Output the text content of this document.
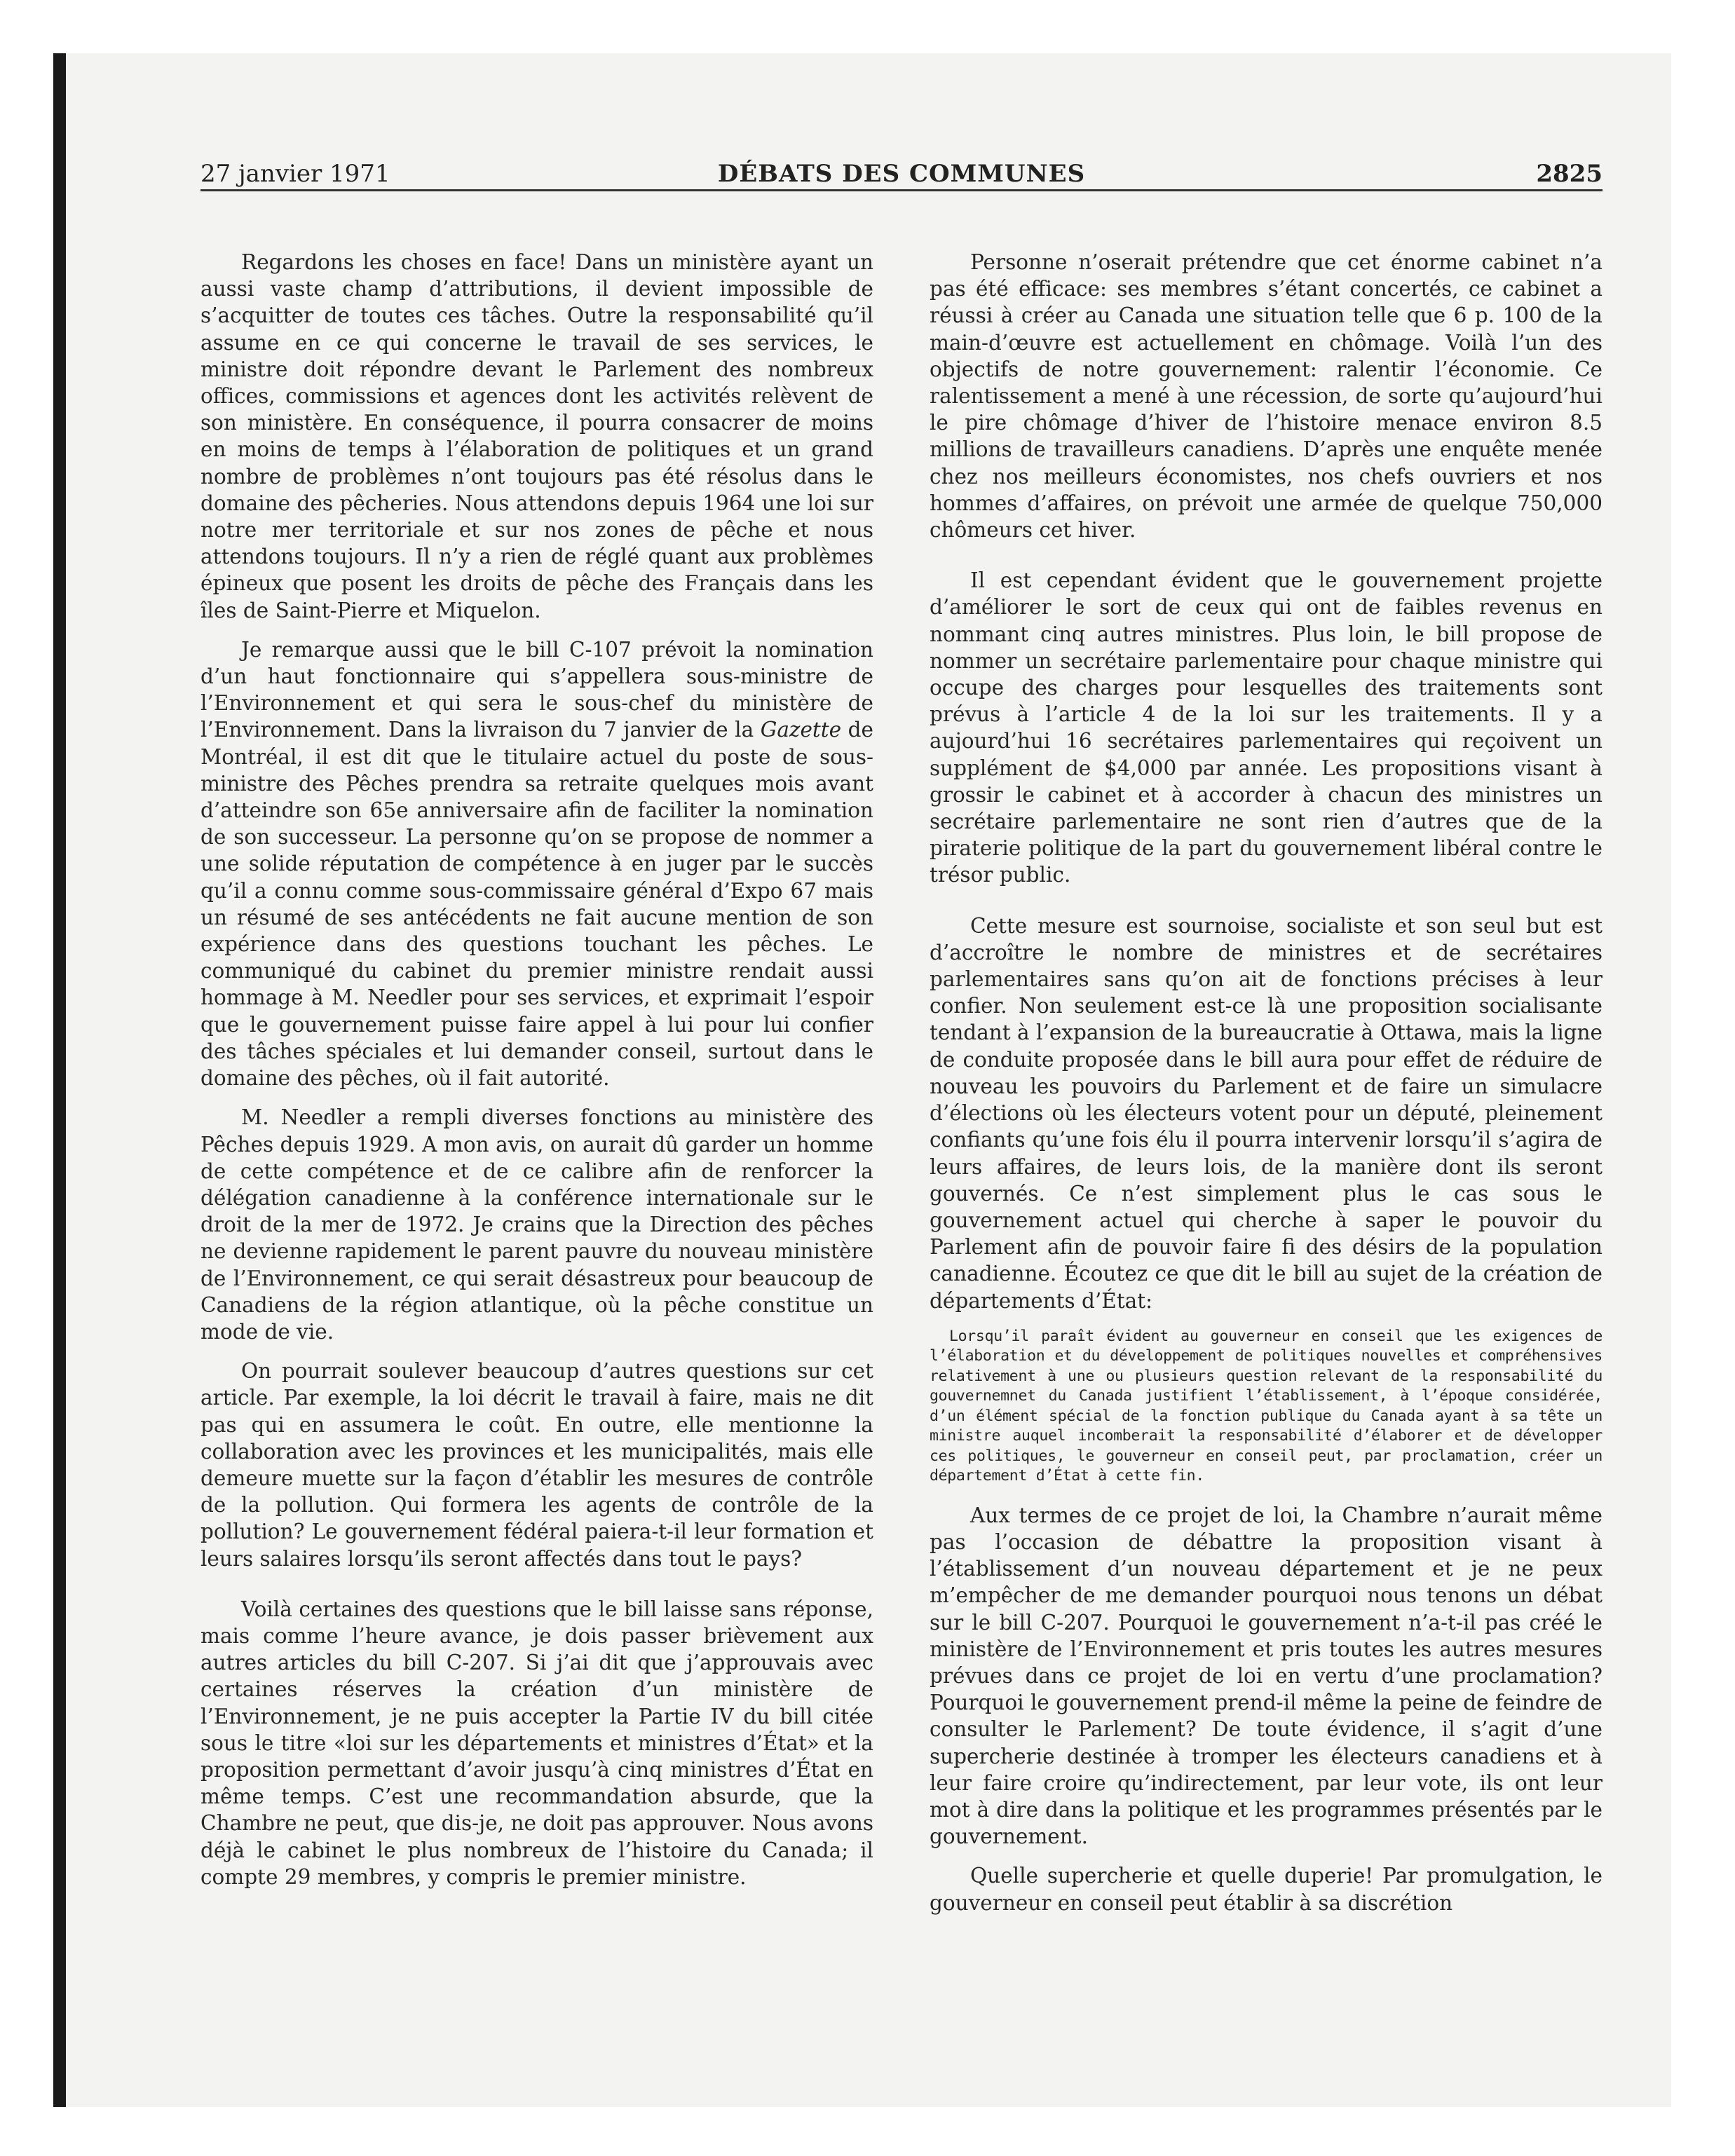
27 janvier 1971	DÉBATS DES COMMUNES	2825

Regardons les choses en face! Dans un ministère ayant un aussi vaste champ d’attributions, il devient impossible de s’acquitter de toutes ces tâches. Outre la responsabilité qu’il assume en ce qui concerne le travail de ses services, le ministre doit répondre devant le Parlement des nombreux offices, commissions et agences dont les activités relèvent de son ministère. En conséquence, il pourra consacrer de moins en moins de temps à l’élaboration de politiques et un grand nombre de problèmes n’ont toujours pas été résolus dans le domaine des pêcheries. Nous attendons depuis 1964 une loi sur notre mer territoriale et sur nos zones de pêche et nous attendons toujours. Il n’y a rien de réglé quant aux problèmes épineux que posent les droits de pêche des Français dans les îles de Saint-Pierre et Miquelon.

Je remarque aussi que le bill C-107 prévoit la nomination d’un haut fonctionnaire qui s’appellera sous-ministre de l’Environnement et qui sera le sous-chef du ministère de l’Environnement. Dans la livraison du 7 janvier de la Gazette de Montréal, il est dit que le titulaire actuel du poste de sous-ministre des Pêches prendra sa retraite quelques mois avant d’atteindre son 65e anniversaire afin de faciliter la nomination de son successeur. La personne qu’on se propose de nommer a une solide réputation de compétence à en juger par le succès qu’il a connu comme sous-commissaire général d’Expo 67 mais un résumé de ses antécédents ne fait aucune mention de son expérience dans des questions touchant les pêches. Le communiqué du cabinet du premier ministre rendait aussi hommage à M. Needler pour ses services, et exprimait l’espoir que le gouvernement puisse faire appel à lui pour lui confier des tâches spéciales et lui demander conseil, surtout dans le domaine des pêches, où il fait autorité.

M. Needler a rempli diverses fonctions au ministère des Pêches depuis 1929. A mon avis, on aurait dû garder un homme de cette compétence et de ce calibre afin de renforcer la délégation canadienne à la conférence internationale sur le droit de la mer de 1972. Je crains que la Direction des pêches ne devienne rapidement le parent pauvre du nouveau ministère de l’Environnement, ce qui serait désastreux pour beaucoup de Canadiens de la région atlantique, où la pêche constitue un mode de vie.

On pourrait soulever beaucoup d’autres questions sur cet article. Par exemple, la loi décrit le travail à faire, mais ne dit pas qui en assumera le coût. En outre, elle mentionne la collaboration avec les provinces et les municipalités, mais elle demeure muette sur la façon d’établir les mesures de contrôle de la pollution. Qui formera les agents de contrôle de la pollution? Le gouvernement fédéral paiera-t-il leur formation et leurs salaires lorsqu’ils seront affectés dans tout le pays?

Voilà certaines des questions que le bill laisse sans réponse, mais comme l’heure avance, je dois passer brièvement aux autres articles du bill C-207. Si j’ai dit que j’approuvais avec certaines réserves la création d’un ministère de l’Environnement, je ne puis accepter la Partie IV du bill citée sous le titre «loi sur les départements et ministres d’État» et la proposition permettant d’avoir jusqu’à cinq ministres d’État en même temps. C’est une recommandation absurde, que la Chambre ne peut, que dis-je, ne doit pas approuver. Nous avons déjà le cabinet le plus nombreux de l’histoire du Canada; il compte 29 membres, y compris le premier ministre.

Personne n’oserait prétendre que cet énorme cabinet n’a pas été efficace: ses membres s’étant concertés, ce cabinet a réussi à créer au Canada une situation telle que 6 p. 100 de la main-d’œuvre est actuellement en chômage. Voilà l’un des objectifs de notre gouvernement: ralentir l’économie. Ce ralentissement a mené à une récession, de sorte qu’aujourd’hui le pire chômage d’hiver de l’histoire menace environ 8.5 millions de travailleurs canadiens. D’après une enquête menée chez nos meilleurs économistes, nos chefs ouvriers et nos hommes d’affaires, on prévoit une armée de quelque 750,000 chômeurs cet hiver.

Il est cependant évident que le gouvernement projette d’améliorer le sort de ceux qui ont de faibles revenus en nommant cinq autres ministres. Plus loin, le bill propose de nommer un secrétaire parlementaire pour chaque ministre qui occupe des charges pour lesquelles des traitements sont prévus à l’article 4 de la loi sur les traitements. Il y a aujourd’hui 16 secrétaires parlementaires qui reçoivent un supplément de $4,000 par année. Les propositions visant à grossir le cabinet et à accorder à chacun des ministres un secrétaire parlementaire ne sont rien d’autres que de la piraterie politique de la part du gouvernement libéral contre le trésor public.

Cette mesure est sournoise, socialiste et son seul but est d’accroître le nombre de ministres et de secrétaires parlementaires sans qu’on ait de fonctions précises à leur confier. Non seulement est-ce là une proposition socialisante tendant à l’expansion de la bureaucratie à Ottawa, mais la ligne de conduite proposée dans le bill aura pour effet de réduire de nouveau les pouvoirs du Parlement et de faire un simulacre d’élections où les électeurs votent pour un député, pleinement confiants qu’une fois élu il pourra intervenir lorsqu’il s’agira de leurs affaires, de leurs lois, de la manière dont ils seront gouvernés. Ce n’est simplement plus le cas sous le gouvernement actuel qui cherche à saper le pouvoir du Parlement afin de pouvoir faire fi des désirs de la population canadienne. Écoutez ce que dit le bill au sujet de la création de départements d’État:

Lorsqu’il paraît évident au gouverneur en conseil que les exigences de l’élaboration et du développement de politiques nouvelles et compréhensives relativement à une ou plusieurs question relevant de la responsabilité du gouvernemnet du Canada justifient l’établissement, à l’époque considérée, d’un élément spécial de la fonction publique du Canada ayant à sa tête un ministre auquel incomberait la responsabilité d’élaborer et de développer ces politiques, le gouverneur en conseil peut, par proclamation, créer un département d’État à cette fin.

Aux termes de ce projet de loi, la Chambre n’aurait même pas l’occasion de débattre la proposition visant à l’établissement d’un nouveau département et je ne peux m’empêcher de me demander pourquoi nous tenons un débat sur le bill C-207. Pourquoi le gouvernement n’a-t-il pas créé le ministère de l’Environnement et pris toutes les autres mesures prévues dans ce projet de loi en vertu d’une proclamation? Pourquoi le gouvernement prend-il même la peine de feindre de consulter le Parlement? De toute évidence, il s’agit d’une supercherie destinée à tromper les électeurs canadiens et à leur faire croire qu’indirectement, par leur vote, ils ont leur mot à dire dans la politique et les programmes présentés par le gouvernement.

Quelle supercherie et quelle duperie! Par promulgation, le gouverneur en conseil peut établir à sa discrétion
